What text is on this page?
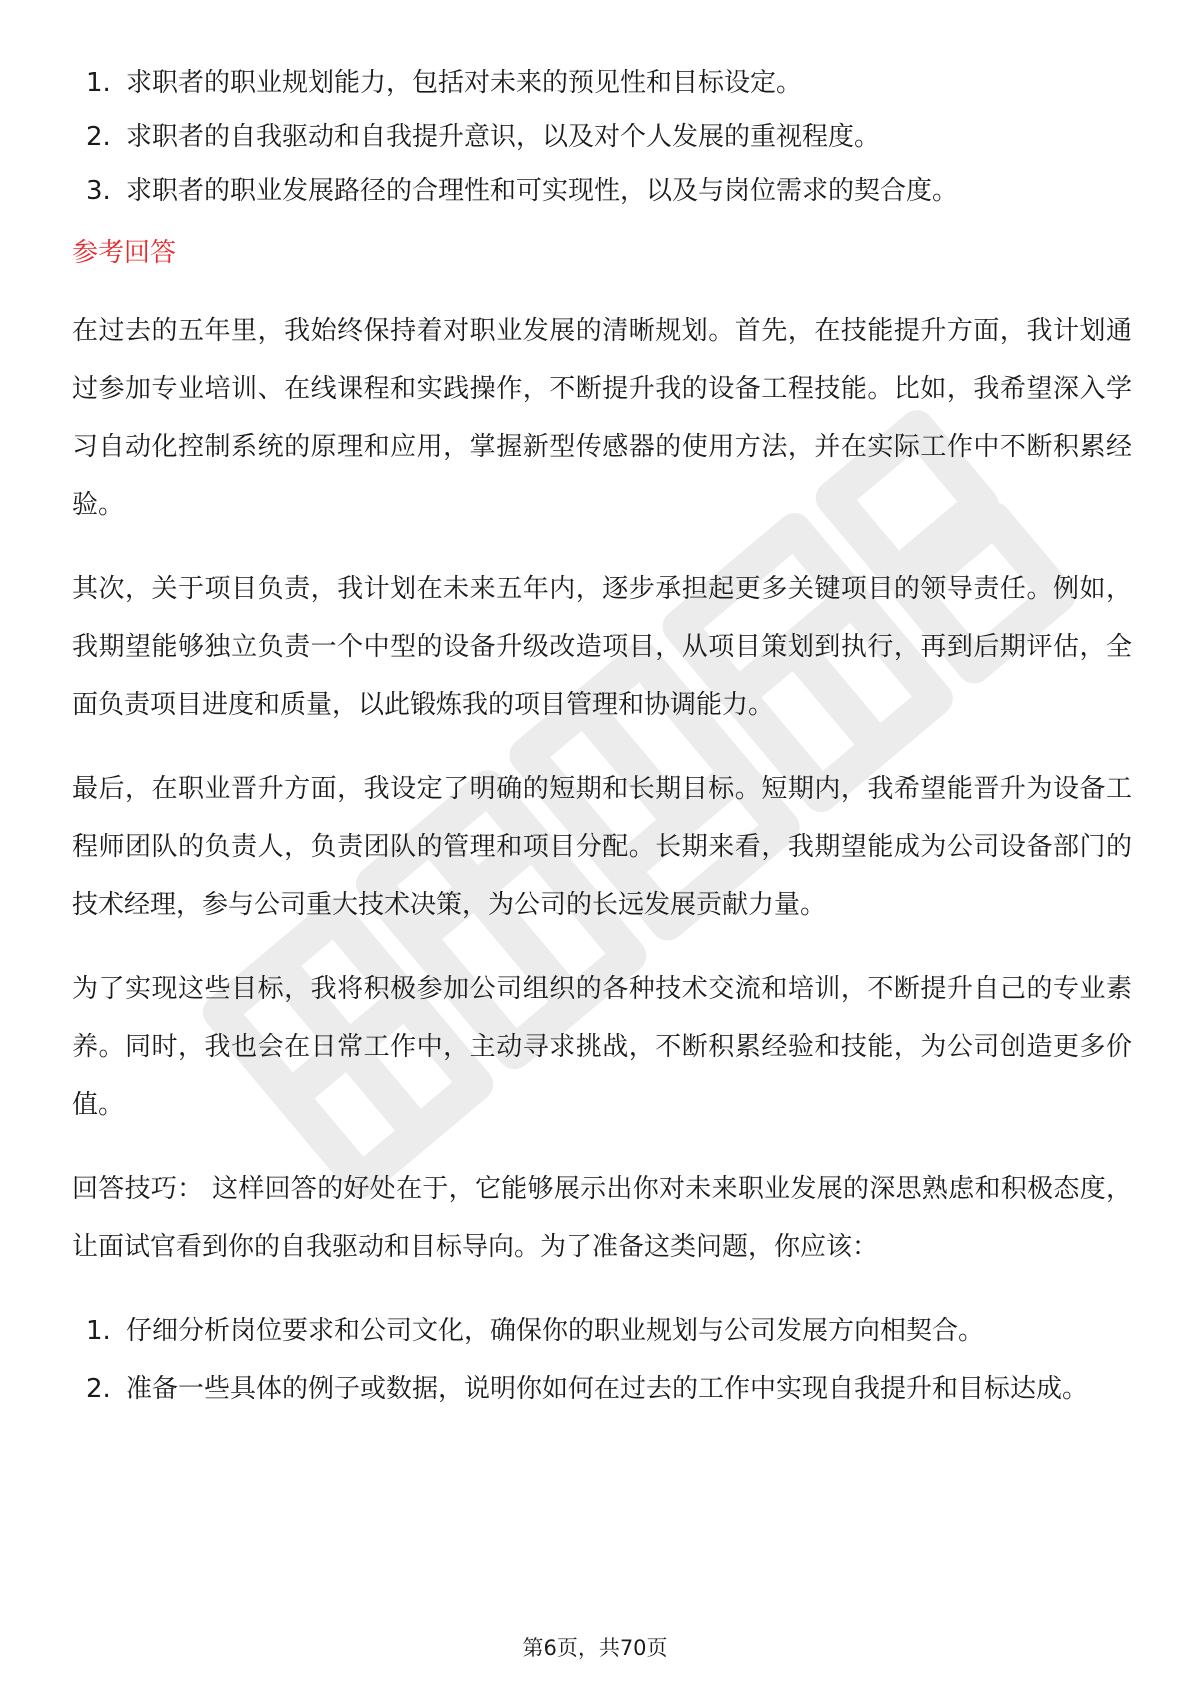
1. 求职者的职业规划能力，包括对未来的预见性和目标设定。
2. 求职者的自我驱动和自我提升意识，以及对个人发展的重视程度。
3. 求职者的职业发展路径的合理性和可实现性，以及与岗位需求的契合度。
参考回答

在过去的五年里，我始终保持着对职业发展的清晰规划。首先，在技能提升方面，我计划通过参加专业培训、在线课程和实践操作，不断提升我的设备工程技能。比如，我希望深入学习自动化控制系统的原理和应用，掌握新型传感器的使用方法，并在实际工作中不断积累经验。

其次，关于项目负责，我计划在未来五年内，逐步承担起更多关键项目的领导责任。例如，我期望能够独立负责一个中型的设备升级改造项目，从项目策划到执行，再到后期评估，全面负责项目进度和质量，以此锻炼我的项目管理和协调能力。

最后，在职业晋升方面，我设定了明确的短期和长期目标。短期内，我希望能晋升为设备工程师团队的负责人，负责团队的管理和项目分配。长期来看，我期望能成为公司设备部门的技术经理，参与公司重大技术决策，为公司的长远发展贡献力量。

为了实现这些目标，我将积极参加公司组织的各种技术交流和培训，不断提升自己的专业素养。同时，我也会在日常工作中，主动寻求挑战，不断积累经验和技能，为公司创造更多价值。

回答技巧： 这样回答的好处在于，它能够展示出你对未来职业发展的深思熟虑和积极态度，让面试官看到你的自我驱动和目标导向。为了准备这类问题，你应该：

1. 仔细分析岗位要求和公司文化，确保你的职业规划与公司发展方向相契合。
2. 准备一些具体的例子或数据，说明你如何在过去的工作中实现自我提升和目标达成。
第6页，共70页
